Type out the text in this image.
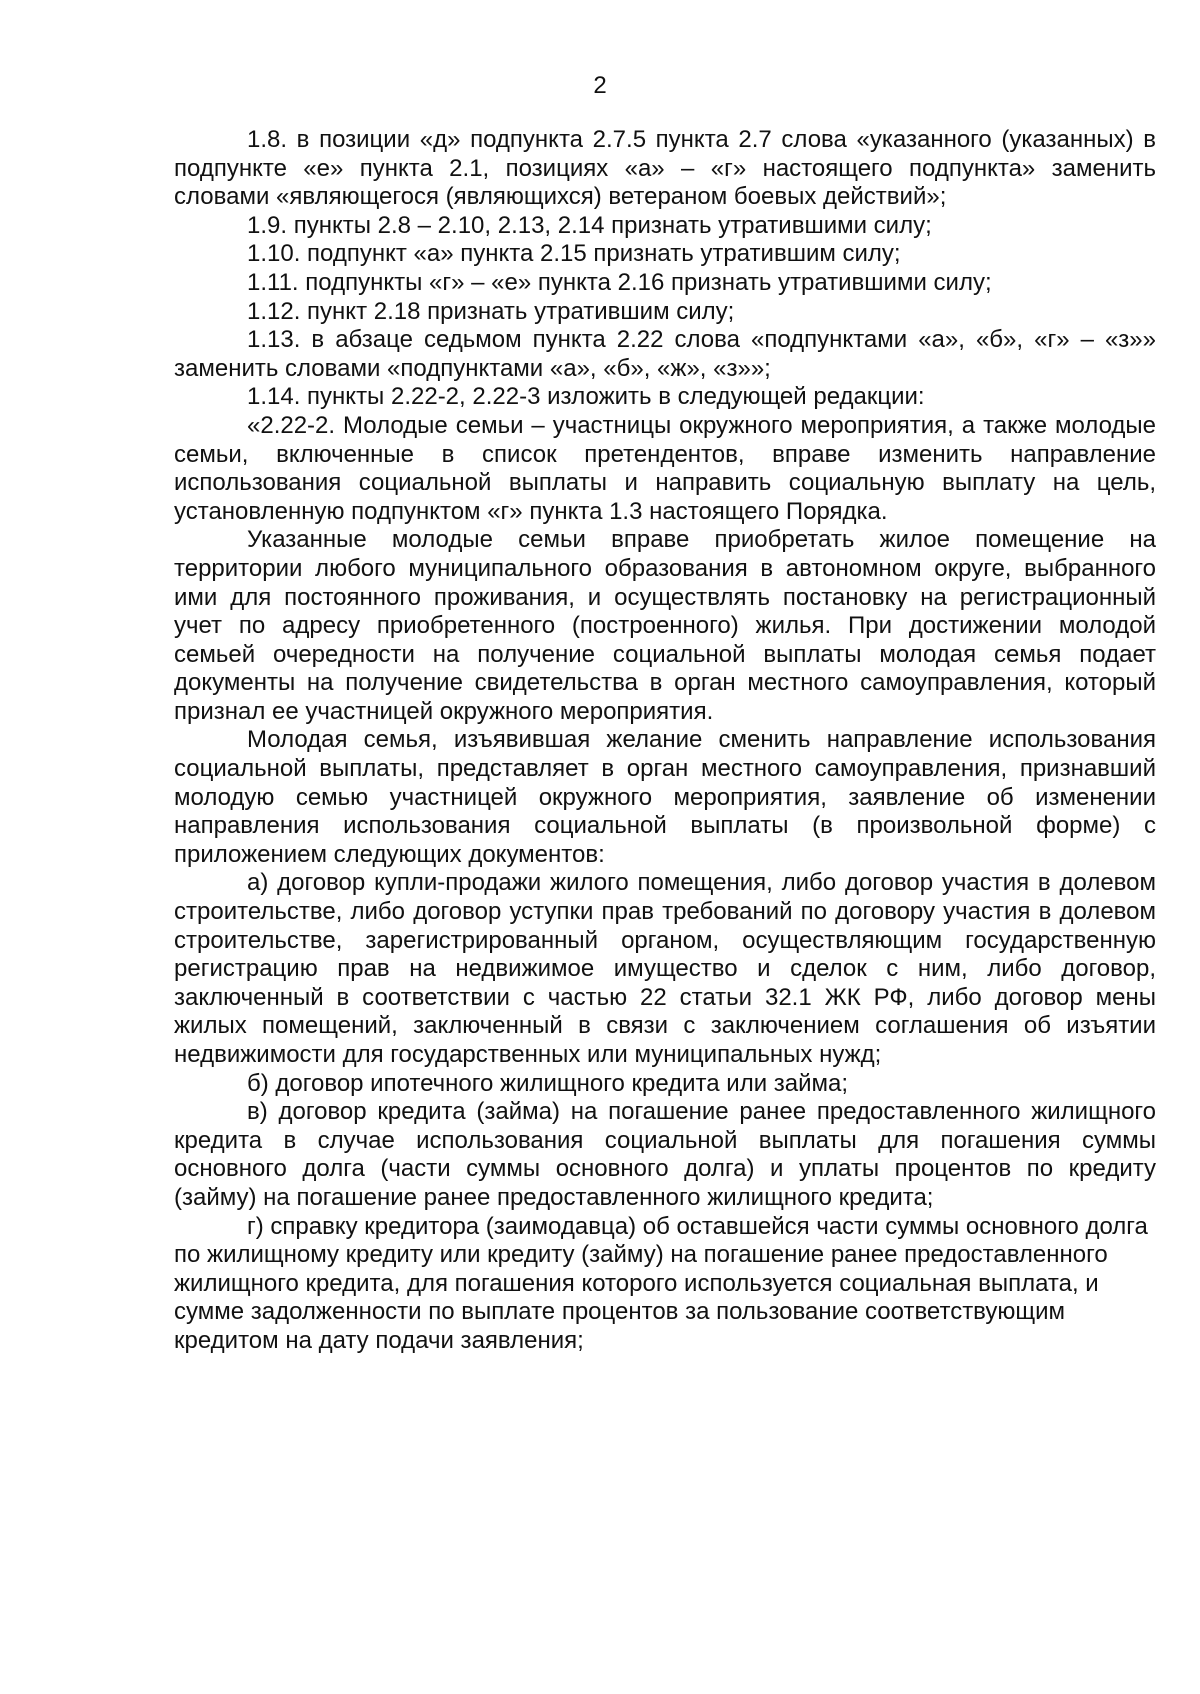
2

1.8. в позиции «д» подпункта 2.7.5 пункта 2.7 слова «указанного (указанных) в подпункте «е» пункта 2.1, позициях «а» – «г» настоящего подпункта» заменить словами «являющегося (являющихся) ветераном боевых действий»;

1.9. пункты 2.8 – 2.10, 2.13, 2.14 признать утратившими силу;

1.10. подпункт «а» пункта 2.15 признать утратившим силу;

1.11. подпункты «г» – «е» пункта 2.16 признать утратившими силу;

1.12. пункт 2.18 признать утратившим силу;

1.13. в абзаце седьмом пункта 2.22 слова «подпунктами «а», «б», «г» – «з»» заменить словами «подпунктами «а», «б», «ж», «з»»;

1.14. пункты 2.22-2, 2.22-3 изложить в следующей редакции:

«2.22-2. Молодые семьи – участницы окружного мероприятия, а также молодые семьи, включенные в список претендентов, вправе изменить направление использования социальной выплаты и направить социальную выплату на цель, установленную подпунктом «г» пункта 1.3 настоящего Порядка.

Указанные молодые семьи вправе приобретать жилое помещение на территории любого муниципального образования в автономном округе, выбранного ими для постоянного проживания, и осуществлять постановку на регистрационный учет по адресу приобретенного (построенного) жилья. При достижении молодой семьей очередности на получение социальной выплаты молодая семья подает документы на получение свидетельства в орган местного самоуправления, который признал ее участницей окружного мероприятия.

Молодая семья, изъявившая желание сменить направление использования социальной выплаты, представляет в орган местного самоуправления, признавший молодую семью участницей окружного мероприятия, заявление об изменении направления использования социальной выплаты (в произвольной форме) с приложением следующих документов:

а) договор купли-продажи жилого помещения, либо договор участия в долевом строительстве, либо договор уступки прав требований по договору участия в долевом строительстве, зарегистрированный органом, осуществляющим государственную регистрацию прав на недвижимое имущество и сделок с ним, либо договор, заключенный в соответствии с частью 22 статьи 32.1 ЖК РФ, либо договор мены жилых помещений, заключенный в связи с заключением соглашения об изъятии недвижимости для государственных или муниципальных нужд;

б) договор ипотечного жилищного кредита или займа;

в) договор кредита (займа) на погашение ранее предоставленного жилищного кредита в случае использования социальной выплаты для погашения суммы основного долга (части суммы основного долга) и уплаты процентов по кредиту (займу) на погашение ранее предоставленного жилищного кредита;

г) справку кредитора (заимодавца) об оставшейся части суммы основного долга по жилищному кредиту или кредиту (займу) на погашение ранее предоставленного жилищного кредита, для погашения которого используется социальная выплата, и сумме задолженности по выплате процентов за пользование соответствующим кредитом на дату подачи заявления;
